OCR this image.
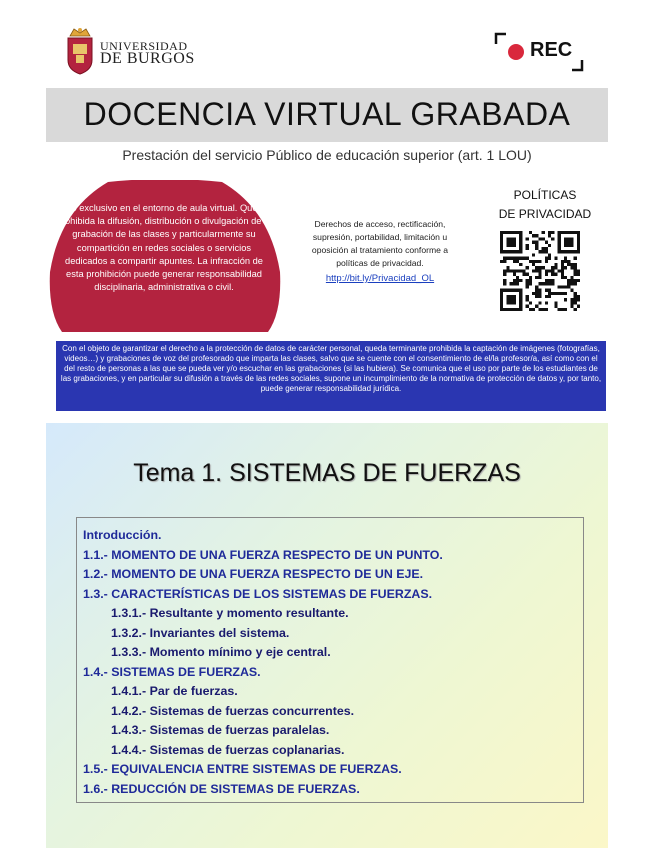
UNIVERSIDAD
DE BURGOS	REC
DOCENCIA VIRTUAL GRABADA
Prestación del servicio Público de educación superior (art. 1 LOU)
Uso exclusivo en el entorno de aula virtual. Queda prohibida la difusión, distribución o divulgación de la grabación de las clases y particularmente su compartición en redes sociales o servicios dedicados a compartir apuntes. La infracción de esta prohibición puede generar responsabilidad disciplinaria, administrativa o civil.
Derechos de acceso, rectificación, supresión, portabilidad, limitación u oposición al tratamiento conforme a políticas de privacidad.
http://bit.ly/Privacidad_OL
POLÍTICAS
DE PRIVACIDAD
Con el objeto de garantizar el derecho a la protección de datos de carácter personal, queda terminante prohibida la captación de imágenes (fotografías, videos…) y grabaciones de voz del profesorado que imparta las clases, salvo que se cuente con el consentimiento de el/la profesor/a, así como con el del resto de personas a las que se pueda ver y/o escuchar en las grabaciones (si las hubiera). Se comunica que el uso por parte de los estudiantes de las grabaciones, y en particular su difusión a través de las redes sociales, supone un incumplimiento de la normativa de protección de datos y, por tanto, puede generar responsabilidad jurídica.
Tema 1. SISTEMAS DE FUERZAS
Introducción.
1.1.- MOMENTO DE UNA FUERZA RESPECTO DE UN PUNTO.
1.2.- MOMENTO DE UNA FUERZA RESPECTO DE UN EJE.
1.3.- CARACTERÍSTICAS DE LOS SISTEMAS DE FUERZAS.
1.3.1.- Resultante y momento resultante.
1.3.2.- Invariantes del sistema.
1.3.3.- Momento mínimo y eje central.
1.4.- SISTEMAS DE FUERZAS.
1.4.1.- Par de fuerzas.
1.4.2.- Sistemas de fuerzas concurrentes.
1.4.3.- Sistemas de fuerzas paralelas.
1.4.4.- Sistemas de fuerzas coplanarias.
1.5.- EQUIVALENCIA ENTRE SISTEMAS DE FUERZAS.
1.6.- REDUCCIÓN DE SISTEMAS DE FUERZAS.
